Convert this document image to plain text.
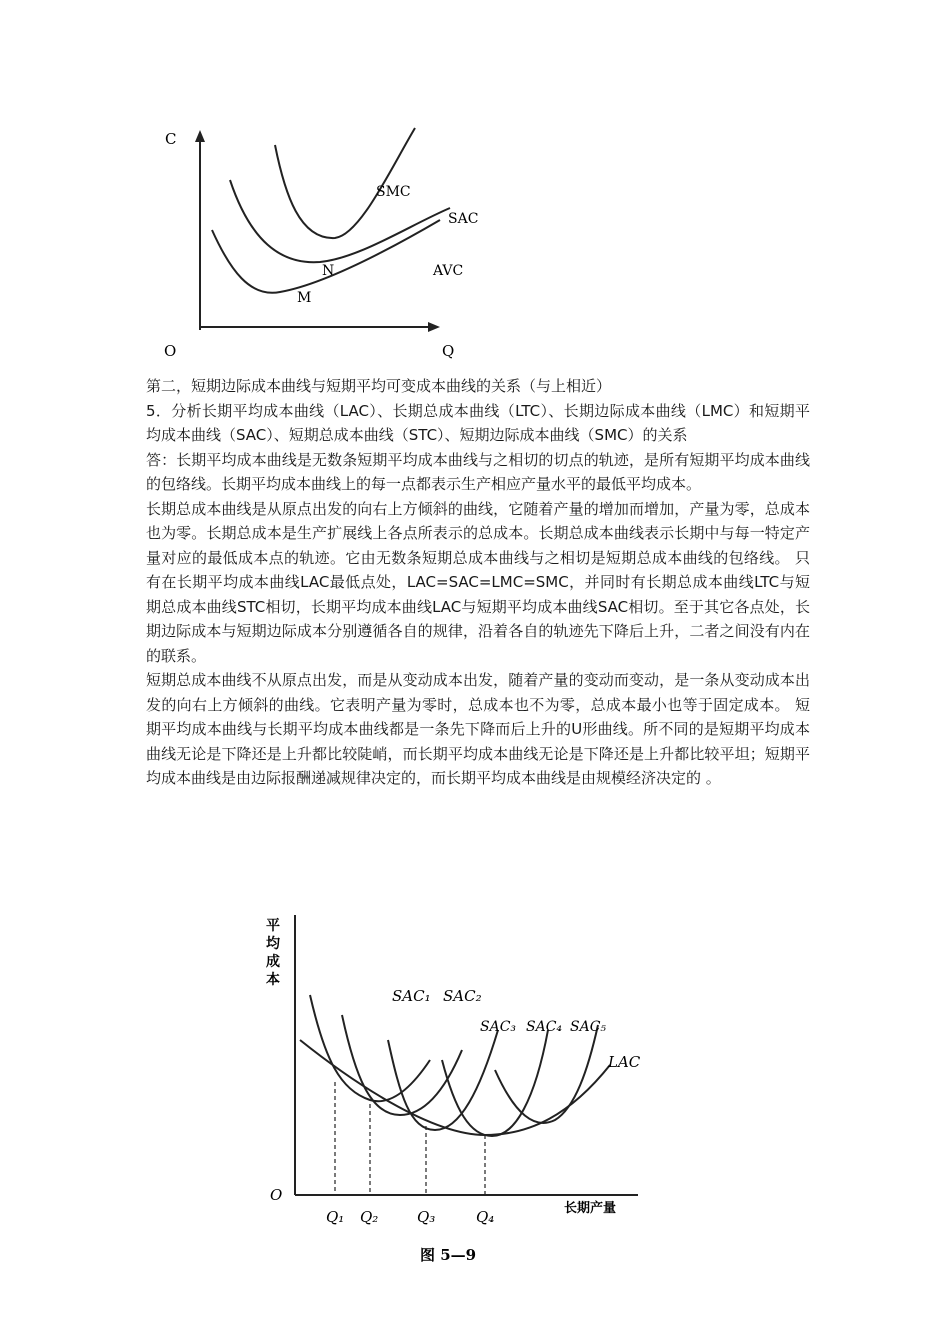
C
O	Q
SMC
SAC
AVC
N
M

第二，短期边际成本曲线与短期平均可变成本曲线的关系（与上相近）

5．分析长期平均成本曲线（LAC）、长期总成本曲线（LTC）、长期边际成本曲线（LMC）和短期平均成本曲线（SAC）、短期总成本曲线（STC）、短期边际成本曲线（SMC）的关系

答：长期平均成本曲线是无数条短期平均成本曲线与之相切的切点的轨迹，是所有短期平均成本曲线的包络线。长期平均成本曲线上的每一点都表示生产相应产量水平的最低平均成本。

长期总成本曲线是从原点出发的向右上方倾斜的曲线，它随着产量的增加而增加，产量为零，总成本也为零。长期总成本是生产扩展线上各点所表示的总成本。长期总成本曲线表示长期中与每一特定产量对应的最低成本点的轨迹。它由无数条短期总成本曲线与之相切是短期总成本曲线的包络线。 只有在长期平均成本曲线LAC最低点处，LAC=SAC=LMC=SMC，并同时有长期总成本曲线LTC与短期总成本曲线STC相切，长期平均成本曲线LAC与短期平均成本曲线SAC相切。至于其它各点处，长期边际成本与短期边际成本分别遵循各自的规律，沿着各自的轨迹先下降后上升，二者之间没有内在的联系。

短期总成本曲线不从原点出发，而是从变动成本出发，随着产量的变动而变动，是一条从变动成本出发的向右上方倾斜的曲线。它表明产量为零时，总成本也不为零，总成本最小也等于固定成本。 短期平均成本曲线与长期平均成本曲线都是一条先下降而后上升的U形曲线。所不同的是短期平均成本曲线无论是下降还是上升都比较陡峭，而长期平均成本曲线无论是下降还是上升都比较平坦；短期平均成本曲线是由边际报酬递减规律决定的，而长期平均成本曲线是由规模经济决定的 。

平 均 成 本
O
长期产量
SAC₁ SAC₂
SAC₃ SAC₄ SAC₅
LAC
Q₁ Q₂	Q₃	Q₄
图 5—9
